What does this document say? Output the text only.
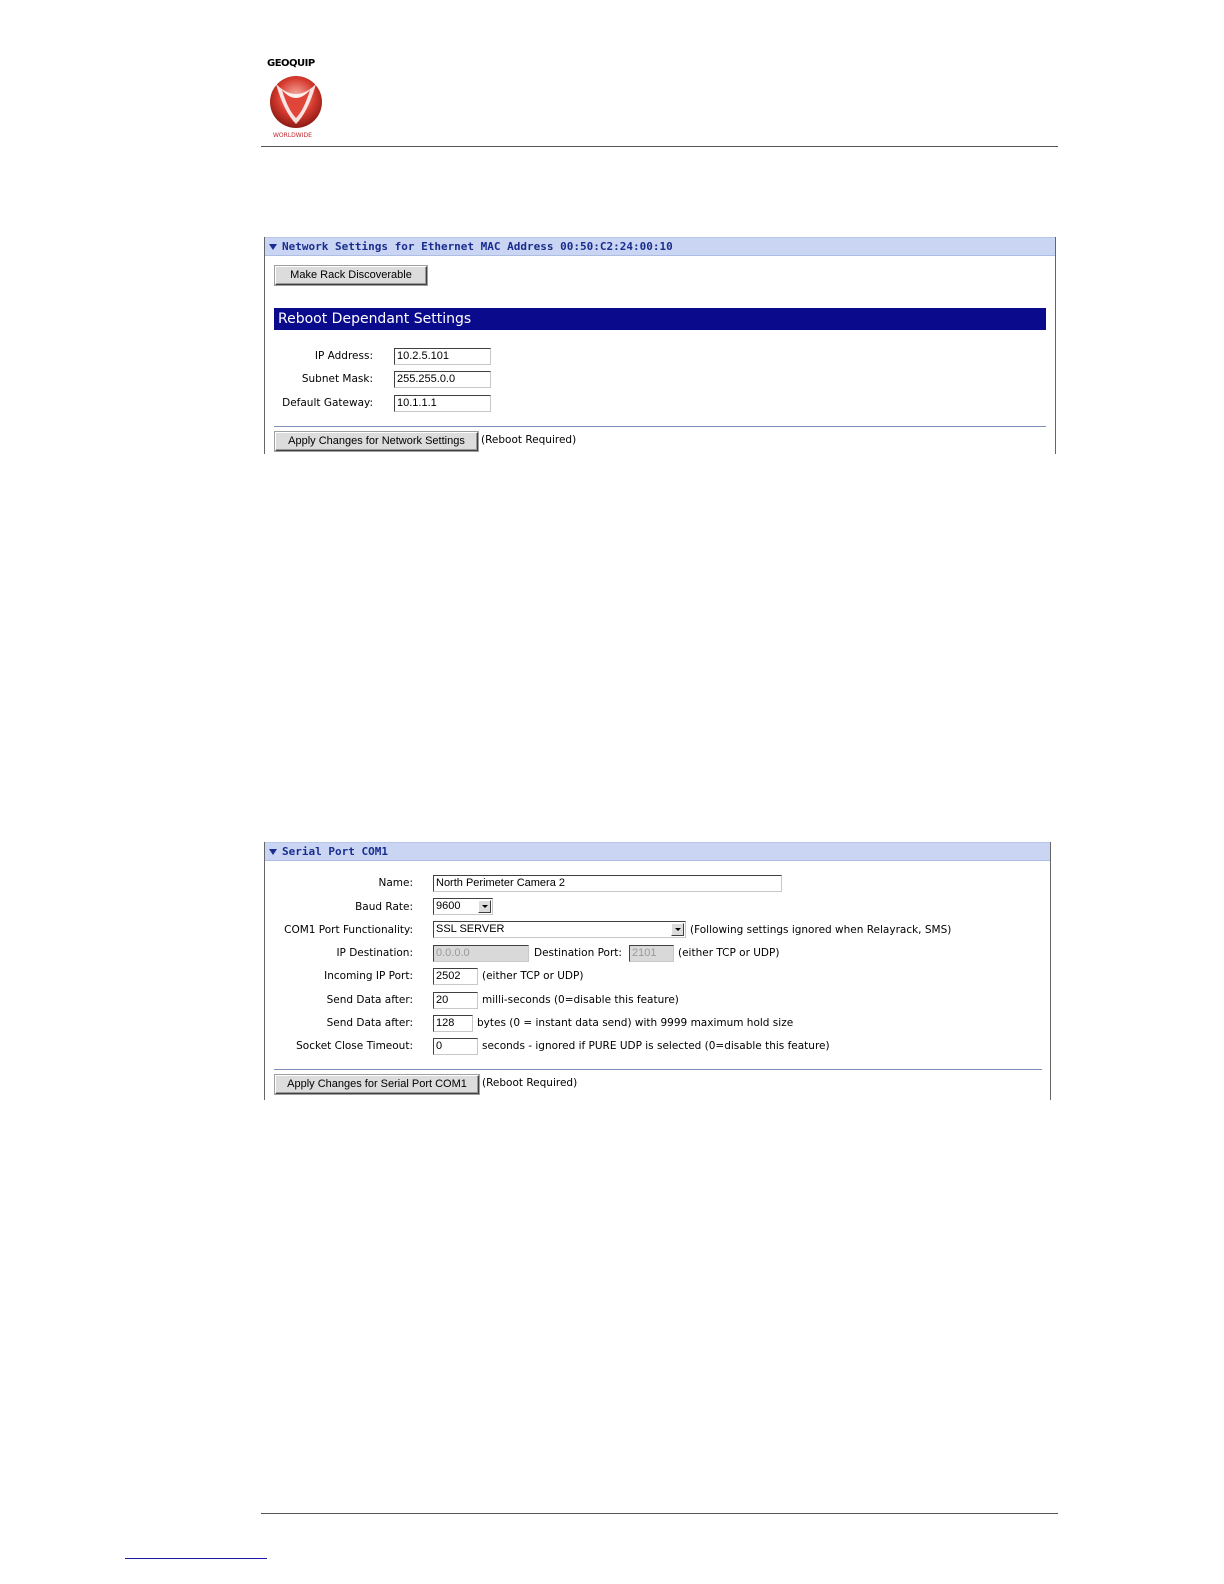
GEOQUIP
WORLDWIDE
Network Settings for Ethernet MAC Address 00:50:C2:24:00:10
Make Rack Discoverable
Reboot Dependant Settings
IP Address: 10.2.5.101
Subnet Mask: 255.255.0.0
Default Gateway: 10.1.1.1
Apply Changes for Network Settings	(Reboot Required)
Serial Port COM1
Name: North Perimeter Camera 2
Baud Rate: 9600
COM1 Port Functionality: SSL SERVER	(Following settings ignored when Relayrack, SMS)
IP Destination: 0.0.0.0	Destination Port: 2101	(either TCP or UDP)
Incoming IP Port: 2502	(either TCP or UDP)
Send Data after: 20	milli-seconds (0=disable this feature)
Send Data after: 128	bytes (0 = instant data send) with 9999 maximum hold size
Socket Close Timeout: 0	seconds - ignored if PURE UDP is selected (0=disable this feature)
Apply Changes for Serial Port COM1	(Reboot Required)
